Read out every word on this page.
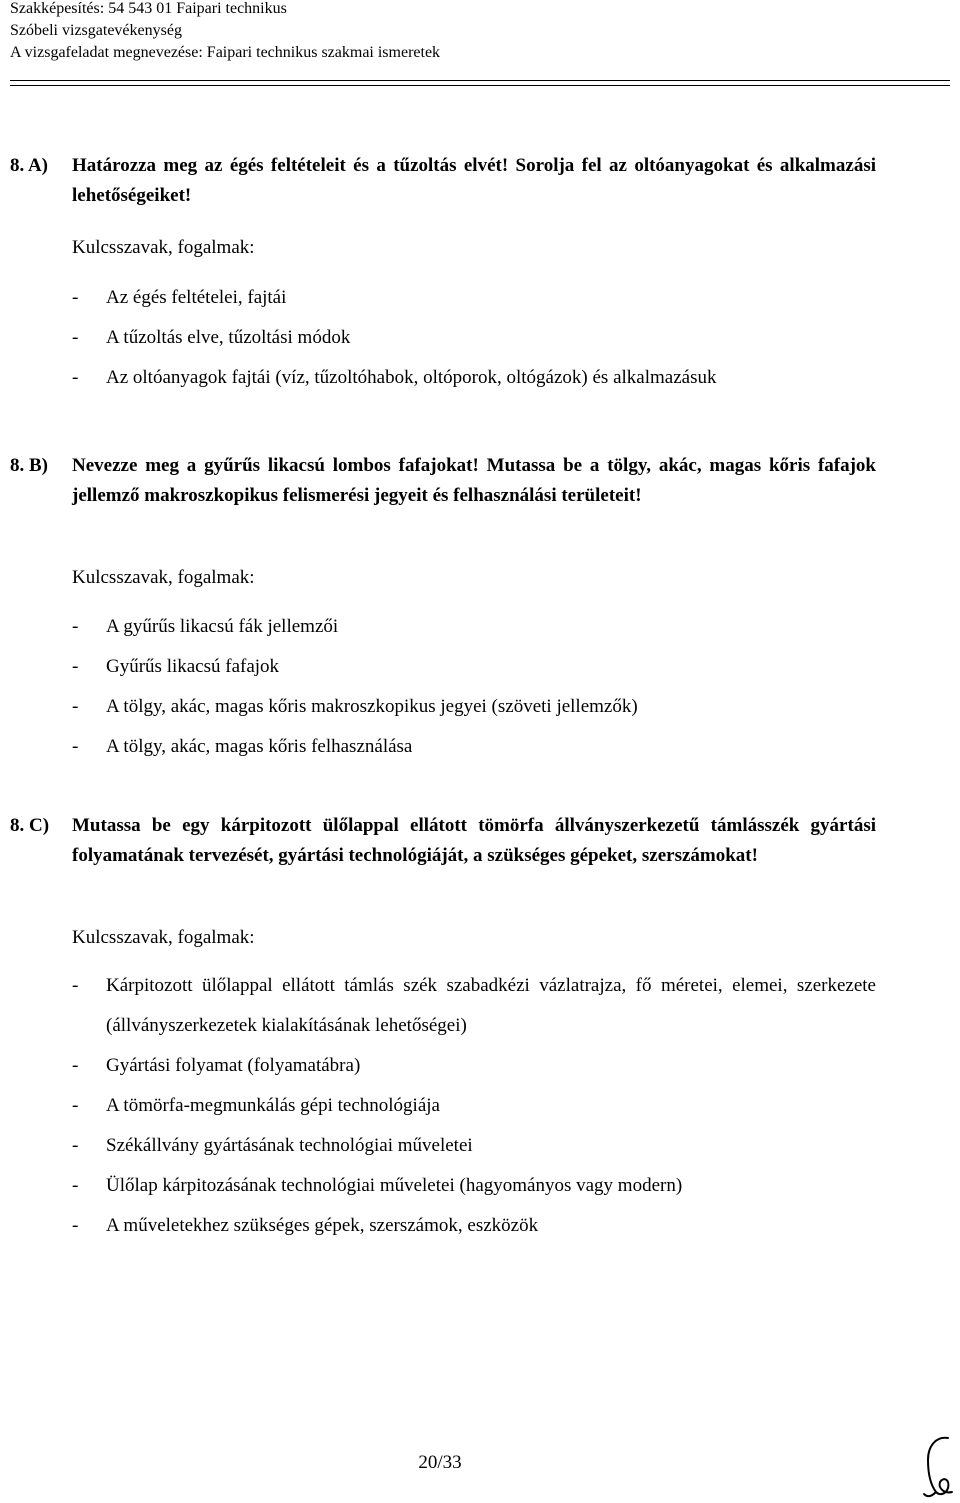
Szakképesítés: 54 543 01 Faipari technikus
Szóbeli vizsgatevékenység
A vizsgafeladat megnevezése: Faipari technikus szakmai ismeretek
8. A) Határozza meg az égés feltételeit és a tűzoltás elvét! Sorolja fel az oltóanyagokat és alkalmazási lehetőségeiket!
Kulcsszavak, fogalmak:
- Az égés feltételei, fajtái
- A tűzoltás elve, tűzoltási módok
- Az oltóanyagok fajtái (víz, tűzoltóhabok, oltóporok, oltógázok) és alkalmazásuk
8. B) Nevezze meg a gyűrűs likacsú lombos fafajokat! Mutassa be a tölgy, akác, magas kőris fafajok jellemző makroszkopikus felismerési jegyeit és felhasználási területeit!
Kulcsszavak, fogalmak:
- A gyűrűs likacsú fák jellemzői
- Gyűrűs likacsú fafajok
- A tölgy, akác, magas kőris makroszkopikus jegyei (szöveti jellemzők)
- A tölgy, akác, magas kőris felhasználása
8. C) Mutassa be egy kárpitozott ülőlappal ellátott tömörfa állványszerkezetű támlásszék gyártási folyamatának tervezését, gyártási technológiáját, a szükséges gépeket, szerszámokat!
Kulcsszavak, fogalmak:
- Kárpitozott ülőlappal ellátott támlás szék szabadkézi vázlatrajza, fő méretei, elemei, szerkezete (állványszerkezetek kialakításának lehetőségei)
- Gyártási folyamat (folyamatábra)
- A tömörfa-megmunkálás gépi technológiája
- Székállvány gyártásának technológiai műveletei
- Ülőlap kárpitozásának technológiai műveletei (hagyományos vagy modern)
- A műveletekhez szükséges gépek, szerszámok, eszközök
20/33
